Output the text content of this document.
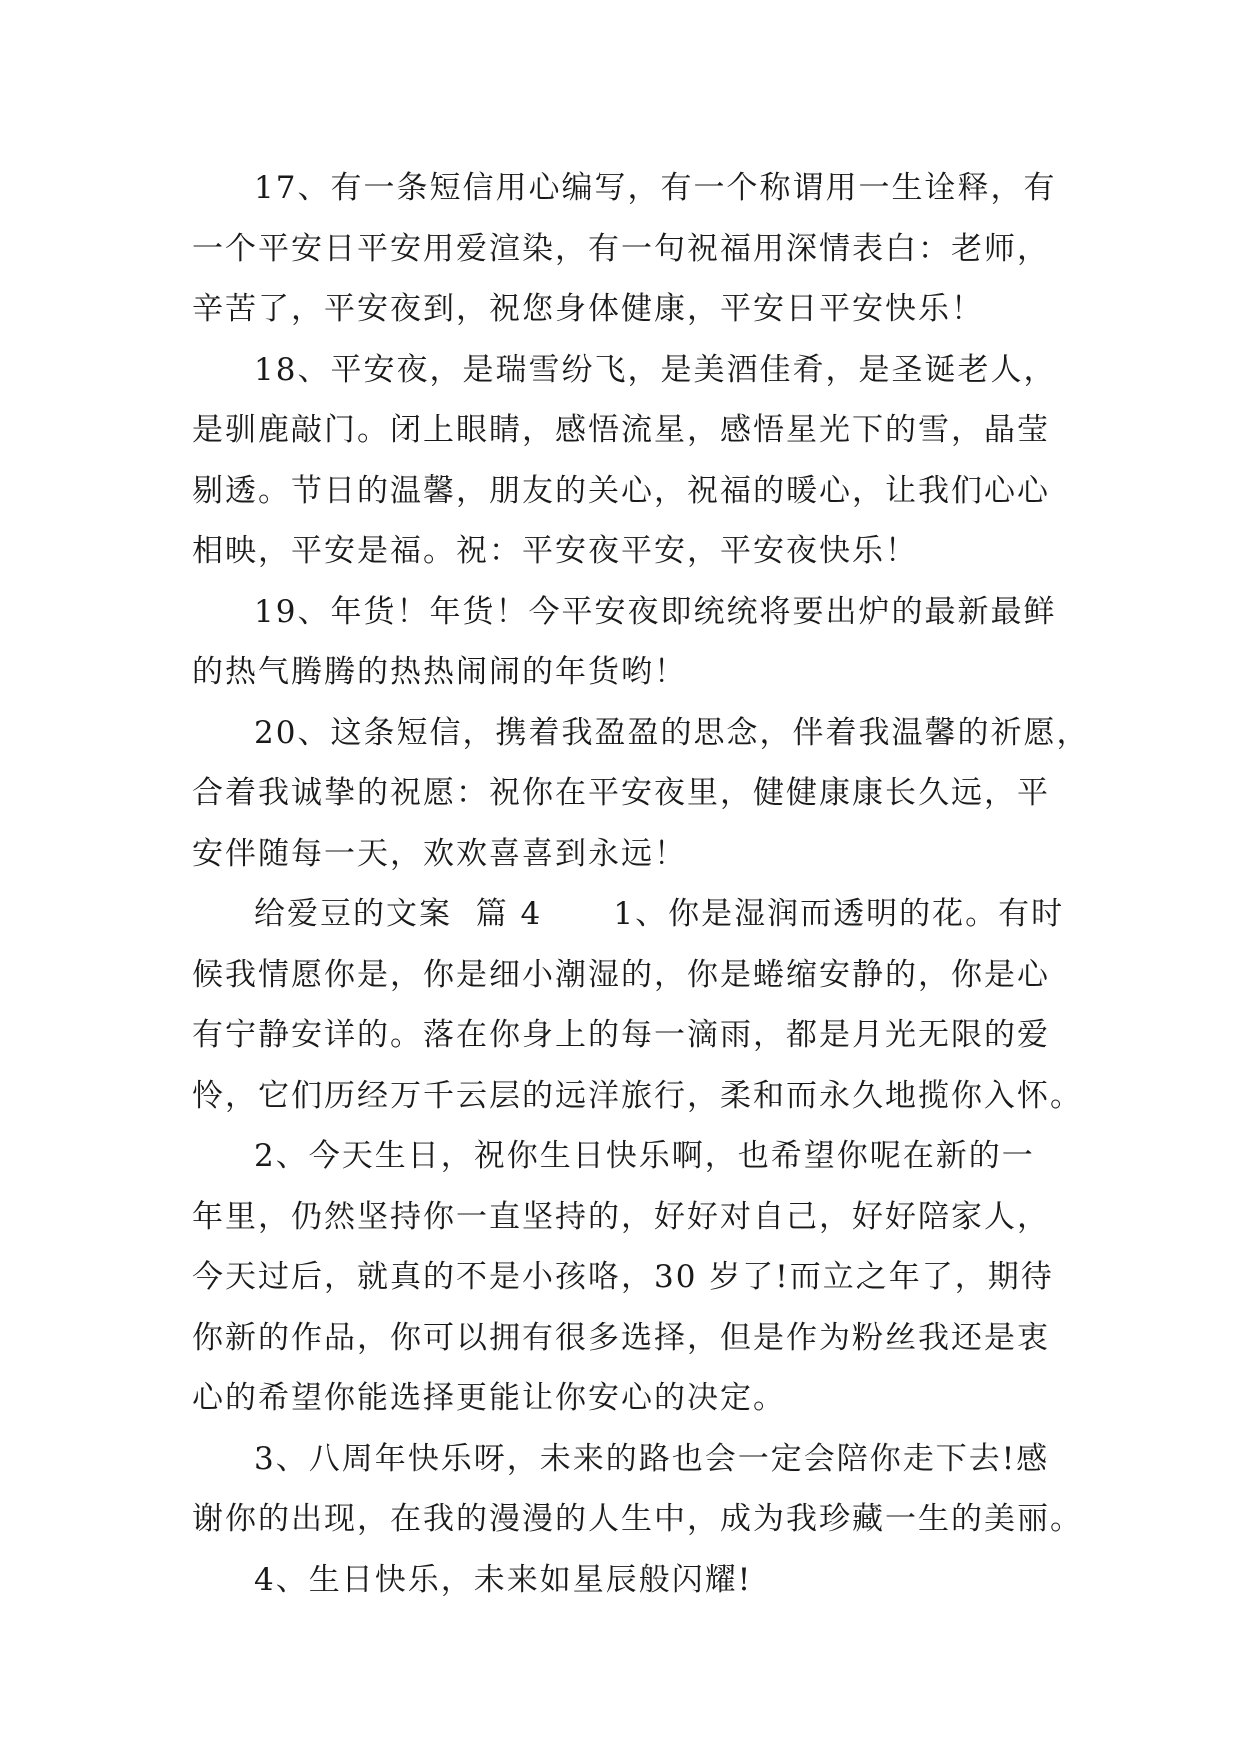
17、有一条短信用心编写，有一个称谓用一生诠释，有
一个平安日平安用爱渲染，有一句祝福用深情表白：老师，
辛苦了，平安夜到，祝您身体健康，平安日平安快乐！
18、平安夜，是瑞雪纷飞，是美酒佳肴，是圣诞老人，
是驯鹿敲门。闭上眼睛，感悟流星，感悟星光下的雪，晶莹
剔透。节日的温馨，朋友的关心，祝福的暖心，让我们心心
相映，平安是福。祝：平安夜平安，平安夜快乐！
19、年货！年货！今平安夜即统统将要出炉的最新最鲜
的热气腾腾的热热闹闹的年货哟！
20、这条短信，携着我盈盈的思念，伴着我温馨的祈愿，
合着我诚挚的祝愿：祝你在平安夜里，健健康康长久远，平
安伴随每一天，欢欢喜喜到永远！
给爱豆的文案  篇 4      1、你是湿润而透明的花。有时
候我情愿你是，你是细小潮湿的，你是蜷缩安静的，你是心
有宁静安详的。落在你身上的每一滴雨，都是月光无限的爱
怜，它们历经万千云层的远洋旅行，柔和而永久地揽你入怀。
2、今天生日，祝你生日快乐啊，也希望你呢在新的一
年里，仍然坚持你一直坚持的，好好对自己，好好陪家人，
今天过后，就真的不是小孩咯，30 岁了!而立之年了，期待
你新的作品，你可以拥有很多选择，但是作为粉丝我还是衷
心的希望你能选择更能让你安心的决定。
3、八周年快乐呀，未来的路也会一定会陪你走下去!感
谢你的出现，在我的漫漫的人生中，成为我珍藏一生的美丽。
4、生日快乐，未来如星辰般闪耀!
